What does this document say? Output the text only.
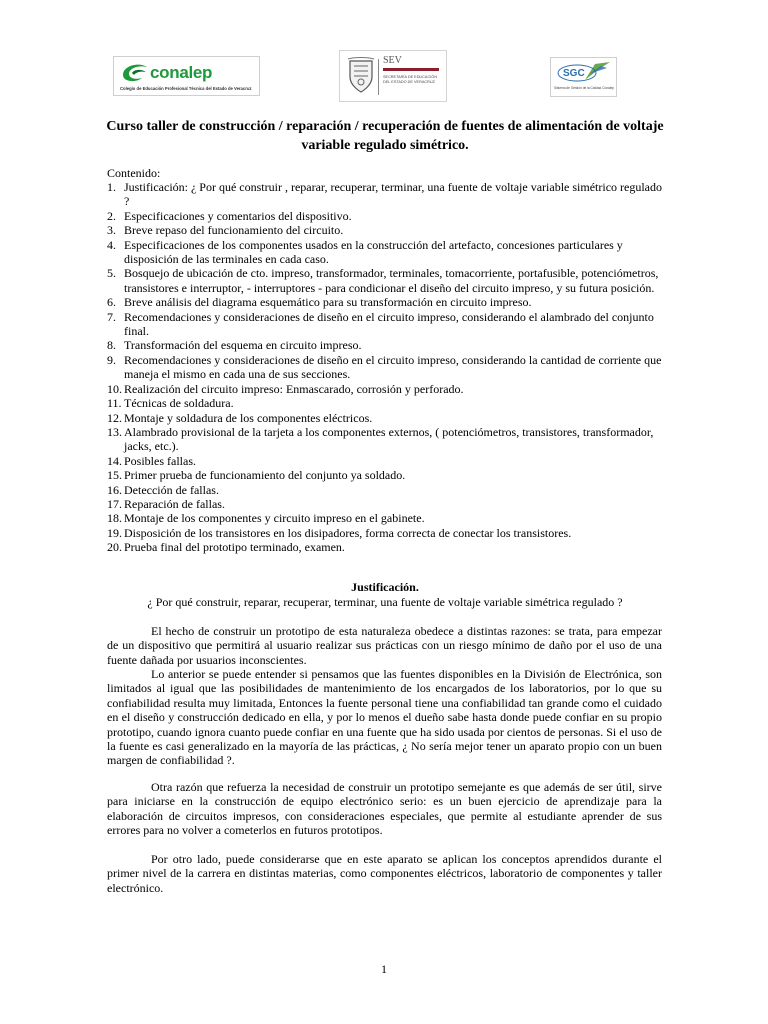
conalep
Colegio de Educación Profesional Técnica del Estado de Veracruz
SEV
SECRETARÍA DE EDUCACIÓN DEL ESTADO DE VERACRUZ
SGC
Sistema de Gestión de la Calidad Conalep
Curso taller de construcción / reparación / recuperación de fuentes de alimentación de voltaje variable regulado simétrico.
Contenido:
1. Justificación: ¿ Por qué construir , reparar, recuperar, terminar, una fuente de voltaje variable simétrico regulado ?
2. Especificaciones y comentarios del dispositivo.
3. Breve repaso del funcionamiento del circuito.
4. Especificaciones de los componentes usados en la construcción del artefacto, concesiones particulares y disposición de las terminales en cada caso.
5. Bosquejo de ubicación de cto. impreso, transformador, terminales, tomacorriente, portafusible, potenciómetros, transistores e interruptor, - interruptores - para condicionar el diseño del circuito impreso, y su futura posición.
6. Breve análisis del diagrama esquemático para su transformación en circuito impreso.
7. Recomendaciones y consideraciones de diseño en el circuito impreso, considerando el alambrado del conjunto final.
8. Transformación del esquema en circuito impreso.
9. Recomendaciones y consideraciones de diseño en el circuito impreso, considerando la cantidad de corriente que maneja el mismo en cada una de sus secciones.
10. Realización del circuito impreso: Enmascarado, corrosión y perforado.
11. Técnicas de soldadura.
12. Montaje y soldadura de los componentes eléctricos.
13. Alambrado provisional de la tarjeta a los componentes externos, ( potenciómetros, transistores, transformador, jacks, etc.).
14. Posibles fallas.
15. Primer prueba de funcionamiento del conjunto ya soldado.
16. Detección de fallas.
17. Reparación de fallas.
18. Montaje de los componentes y circuito impreso en el gabinete.
19. Disposición de los transistores en los disipadores, forma correcta de conectar los transistores.
20. Prueba final del prototipo terminado, examen.
Justificación.
¿ Por qué construir, reparar, recuperar, terminar, una fuente de voltaje variable simétrica regulado ?

El hecho de construir un prototipo de esta naturaleza obedece a distintas razones: se trata, para empezar de un dispositivo que permitirá al usuario realizar sus prácticas con un riesgo mínimo de daño por el uso de una fuente dañada por usuarios inconscientes.

Lo anterior se puede entender si pensamos que las fuentes disponibles en la División de Electrónica, son limitados al igual que las posibilidades de mantenimiento de los encargados de los laboratorios, por lo que su confiabilidad resulta muy limitada, Entonces la fuente personal tiene una confiabilidad tan grande como el cuidado en el diseño y construcción dedicado en ella, y por lo menos el dueño sabe hasta donde puede confiar en su propio prototipo, cuando ignora cuanto puede confiar en una fuente que ha sido usada por cientos de personas. Si el uso de la fuente es casi generalizado en la mayoría de las prácticas, ¿ No sería mejor tener un aparato propio con un buen margen de confiabilidad ?.

Otra razón que refuerza la necesidad de construir un prototipo semejante es que además de ser útil, sirve para iniciarse en la construcción de equipo electrónico serio: es un buen ejercicio de aprendizaje para la elaboración de circuitos impresos, con consideraciones especiales, que permite al estudiante aprender de sus errores para no volver a cometerlos en futuros prototipos.

Por otro lado, puede considerarse que en este aparato se aplican los conceptos aprendidos durante el primer nivel de la carrera en distintas materias, como componentes eléctricos, laboratorio de componentes y taller electrónico.

1
